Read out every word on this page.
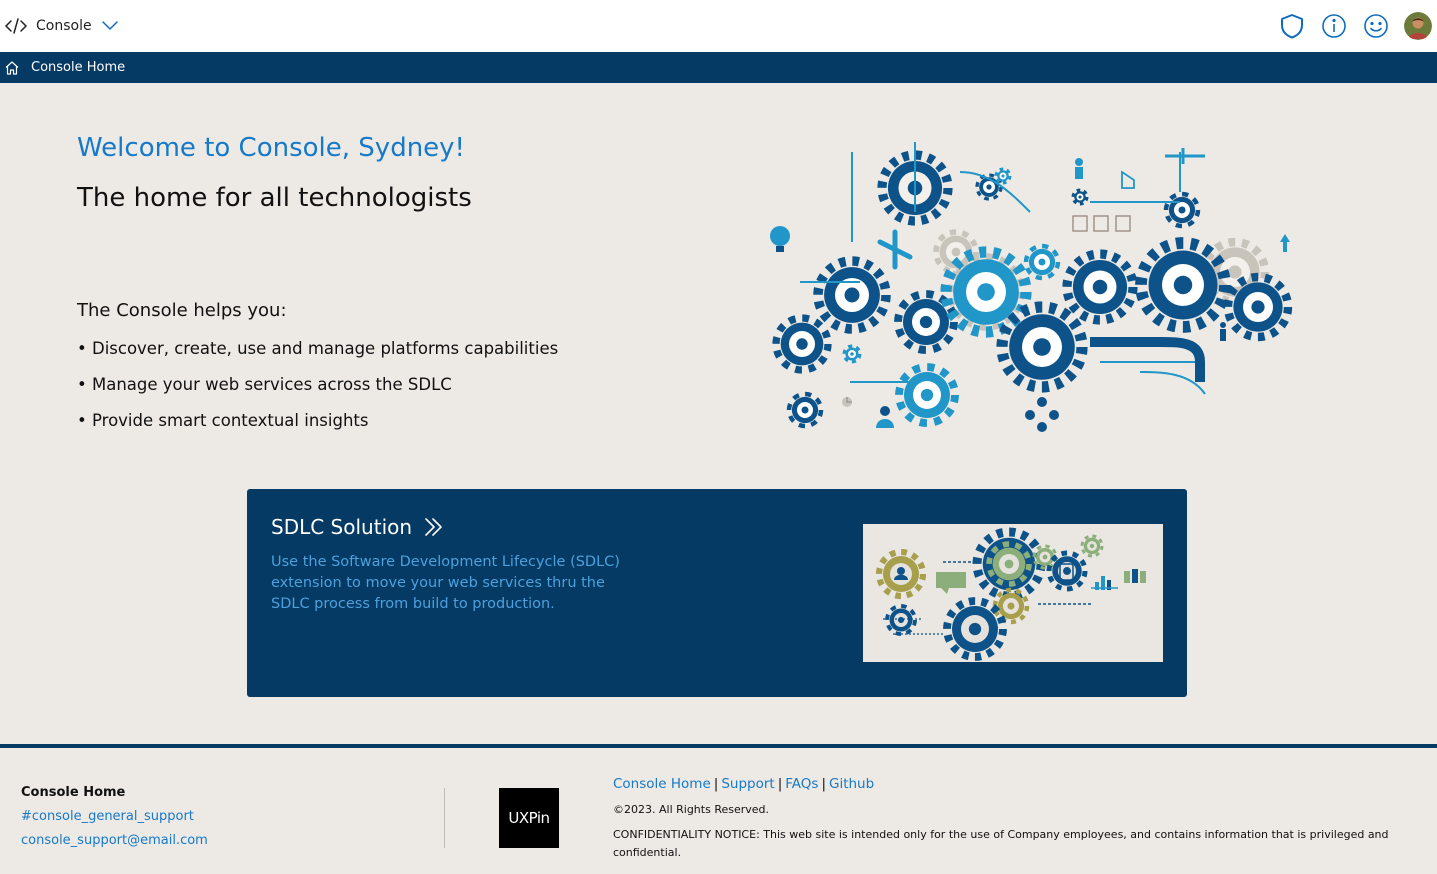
Console
Console Home
Welcome to Console, Sydney!
The home for all technologists
The Console helps you:
• Discover, create, use and manage platforms capabilities
• Manage your web services across the SDLC
• Provide smart contextual insights
SDLC Solution

Use the Software Development Lifecycle (SDLC) extension to move your web services thru the SDLC process from build to production.

Console Home
#console_general_support
console_support@email.com
UXPin
Console Home | Support | FAQs | Github
©2023. All Rights Reserved.
CONFIDENTIALITY NOTICE: This web site is intended only for the use of Company employees, and contains information that is privileged and confidential.
